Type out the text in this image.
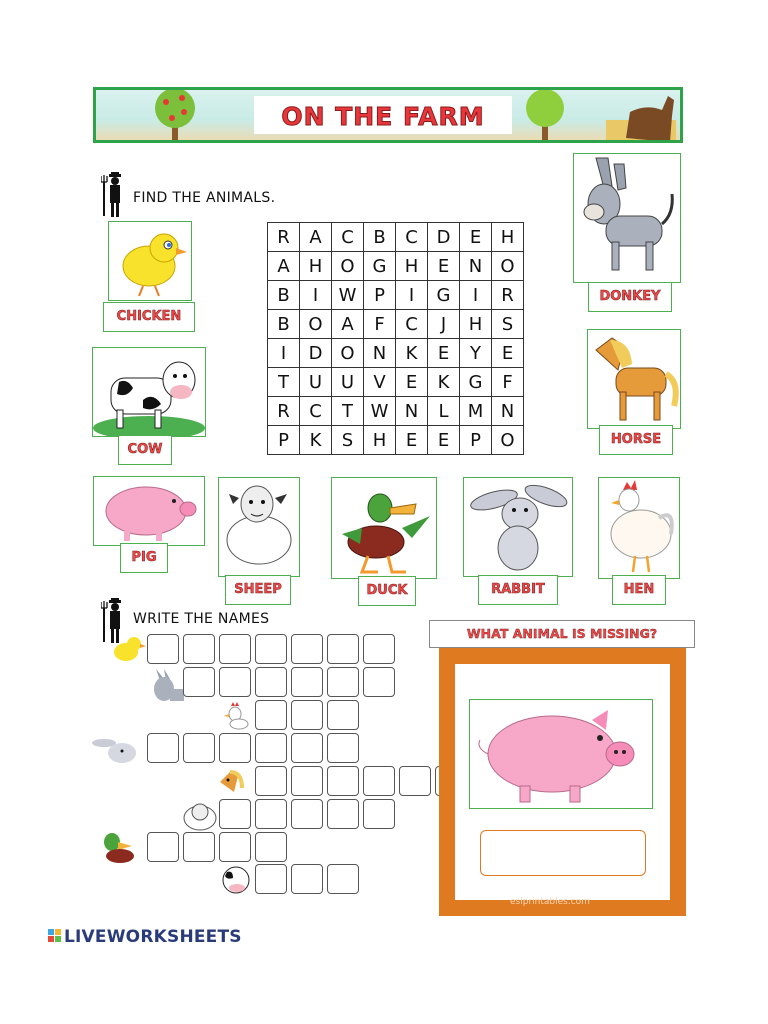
ON THE FARM
FIND THE ANIMALS.
CHICKEN
COW
DONKEY
HORSE
PIG
SHEEP	DUCK	RABBIT	HEN
R	A	C	B	C	D	E	H
A	H	O	G	H	E	N	O
B	I	W	P	I	G	I	R
B	O	A	F	C	J	H	S
I	D	O	N	K	E	Y	E
T	U	U	V	E	K	G	F
R	C	T	W	N	L	M	N
P	K	S	H	E	E	P	O
WRITE THE NAMES
WHAT ANIMAL IS MISSING?
eslprintables.com
LIVEWORKSHEETS
